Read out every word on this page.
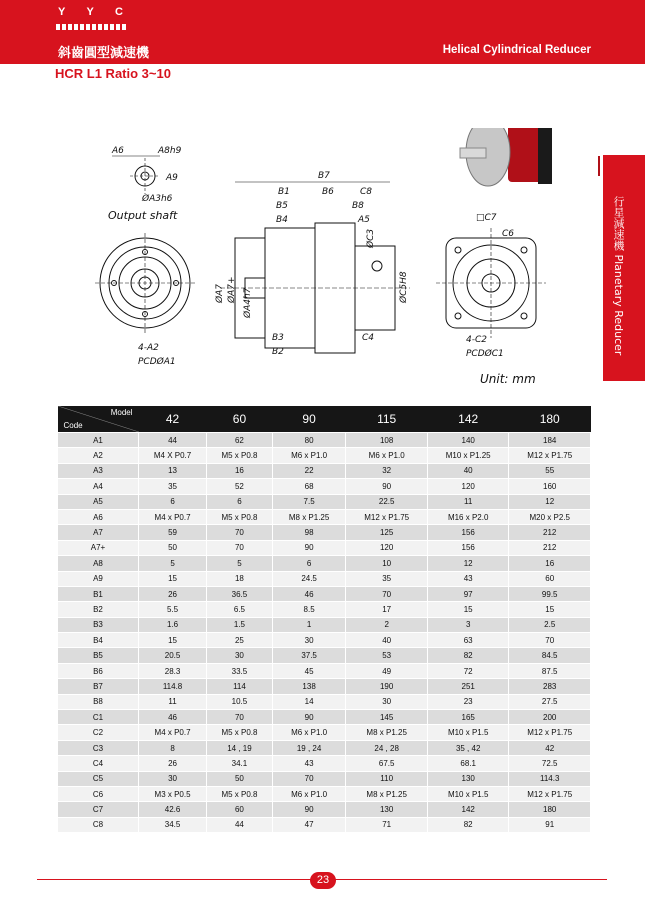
Y Y C
斜齒圓型減速機	Helical Cylindrical Reducer
HCR L1 Ratio 3~10
行星減速機 Planetary Reducer
A6	A8h9
A9
ØA3h6
Output shaft
4-A2
PCDØA1
B7
B1	B6	C8
B5	B8
B4	A5
ØC3
ØA7 ØA7+ ØA4h7	ØC5H8
B3
B2
C4
□C7
C6
4-C2
PCDØC1
Unit: mm
Model
Code	42	60	90	115	142	180
A1	44	62	80	108	140	184
A2	M4 X P0.7	M5 x P0.8	M6 x P1.0	M6 x P1.0	M10 x P1.25	M12 x P1.75
A3	13	16	22	32	40	55
A4	35	52	68	90	120	160
A5	6	6	7.5	22.5	11	12
A6	M4 x P0.7	M5 x P0.8	M8 x P1.25	M12 x P1.75	M16 x P2.0	M20 x P2.5
A7	59	70	98	125	156	212
A7+	50	70	90	120	156	212
A8	5	5	6	10	12	16
A9	15	18	24.5	35	43	60
B1	26	36.5	46	70	97	99.5
B2	5.5	6.5	8.5	17	15	15
B3	1.6	1.5	1	2	3	2.5
B4	15	25	30	40	63	70
B5	20.5	30	37.5	53	82	84.5
B6	28.3	33.5	45	49	72	87.5
B7	114.8	114	138	190	251	283
B8	11	10.5	14	30	23	27.5
C1	46	70	90	145	165	200
C2	M4 x P0.7	M5 x P0.8	M6 x P1.0	M8 x P1.25	M10 x P1.5	M12 x P1.75
C3	8	14 , 19	19 , 24	24 , 28	35 , 42	42
C4	26	34.1	43	67.5	68.1	72.5
C5	30	50	70	110	130	114.3
C6	M3 x P0.5	M5 x P0.8	M6 x P1.0	M8 x P1.25	M10 x P1.5	M12 x P1.75
C7	42.6	60	90	130	142	180
C8	34.5	44	47	71	82	91
23
